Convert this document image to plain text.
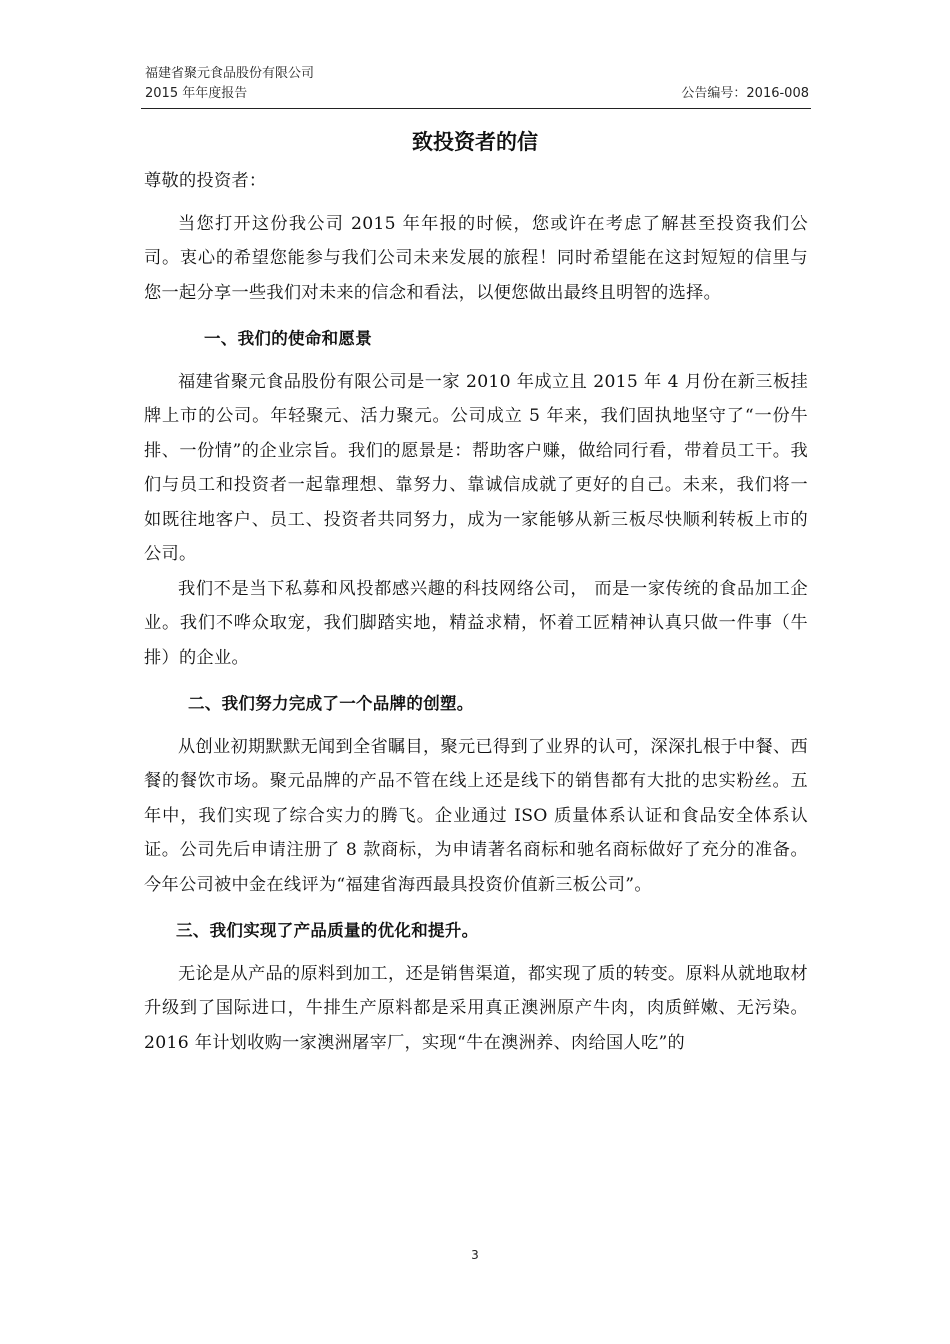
福建省聚元食品股份有限公司
2015 年年度报告	公告编号：2016-008
致投资者的信

尊敬的投资者：

当您打开这份我公司 2015 年年报的时候，您或许在考虑了解甚至投资我们公司。衷心的希望您能参与我们公司未来发展的旅程！同时希望能在这封短短的信里与您一起分享一些我们对未来的信念和看法，以便您做出最终且明智的选择。

一、我们的使命和愿景

福建省聚元食品股份有限公司是一家 2010 年成立且 2015 年 4 月份在新三板挂牌上市的公司。年轻聚元、活力聚元。公司成立 5 年来，我们固执地坚守了“一份牛排、一份情”的企业宗旨。我们的愿景是：帮助客户赚，做给同行看，带着员工干。我们与员工和投资者一起靠理想、靠努力、靠诚信成就了更好的自己。未来，我们将一如既往地客户、员工、投资者共同努力，成为一家能够从新三板尽快顺利转板上市的公司。

我们不是当下私募和风投都感兴趣的科技网络公司， 而是一家传统的食品加工企业。我们不哗众取宠，我们脚踏实地，精益求精，怀着工匠精神认真只做一件事（牛排）的企业。

二、我们努力完成了一个品牌的创塑。

从创业初期默默无闻到全省瞩目，聚元已得到了业界的认可，深深扎根于中餐、西餐的餐饮市场。聚元品牌的产品不管在线上还是线下的销售都有大批的忠实粉丝。五年中，我们实现了综合实力的腾飞。企业通过 ISO 质量体系认证和食品安全体系认证。公司先后申请注册了 8 款商标，为申请著名商标和驰名商标做好了充分的准备。今年公司被中金在线评为“福建省海西最具投资价值新三板公司”。

三、我们实现了产品质量的优化和提升。

无论是从产品的原料到加工，还是销售渠道，都实现了质的转变。原料从就地取材升级到了国际进口，牛排生产原料都是采用真正澳洲原产牛肉，肉质鲜嫩、无污染。2016 年计划收购一家澳洲屠宰厂，实现“牛在澳洲养、肉给国人吃”的

3
